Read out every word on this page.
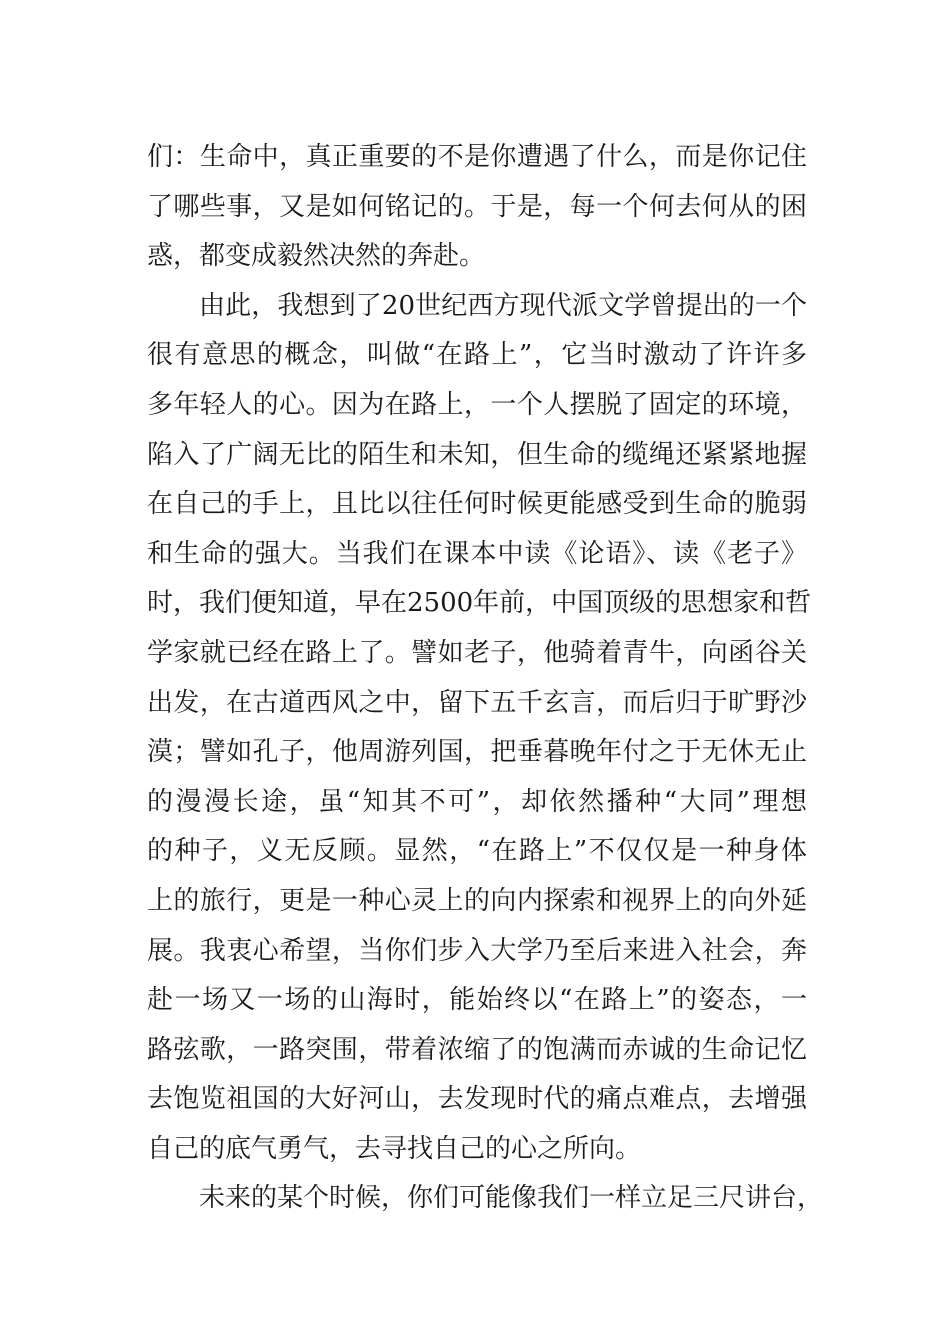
们：生命中，真正重要的不是你遭遇了什么，而是你记住
了哪些事，又是如何铭记的。于是，每一个何去何从的困
惑，都变成毅然决然的奔赴。
由此，我想到了20世纪西方现代派文学曾提出的一个
很有意思的概念，叫做“在路上”，它当时激动了许许多
多年轻人的心。因为在路上，一个人摆脱了固定的环境，
陷入了广阔无比的陌生和未知，但生命的缆绳还紧紧地握
在自己的手上，且比以往任何时候更能感受到生命的脆弱
和生命的强大。当我们在课本中读《论语》、读《老子》
时，我们便知道，早在2500年前，中国顶级的思想家和哲
学家就已经在路上了。譬如老子，他骑着青牛，向函谷关
出发，在古道西风之中，留下五千玄言，而后归于旷野沙
漠；譬如孔子，他周游列国，把垂暮晚年付之于无休无止
的漫漫长途，虽“知其不可”，却依然播种“大同”理想
的种子，义无反顾。显然，“在路上”不仅仅是一种身体
上的旅行，更是一种心灵上的向内探索和视界上的向外延
展。我衷心希望，当你们步入大学乃至后来进入社会，奔
赴一场又一场的山海时，能始终以“在路上”的姿态，一
路弦歌，一路突围，带着浓缩了的饱满而赤诚的生命记忆
去饱览祖国的大好河山，去发现时代的痛点难点，去增强
自己的底气勇气，去寻找自己的心之所向。
未来的某个时候，你们可能像我们一样立足三尺讲台，
